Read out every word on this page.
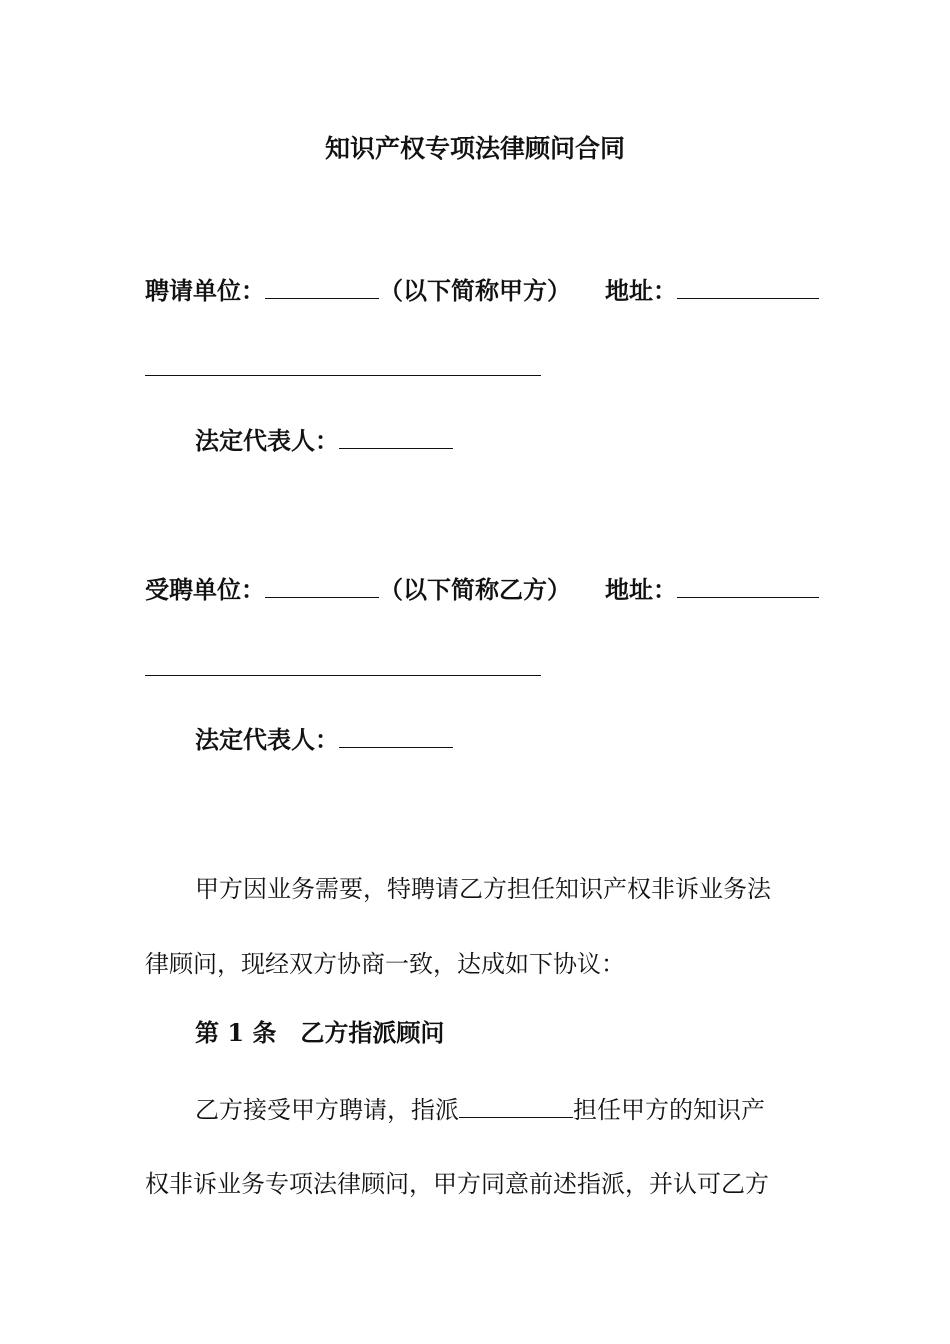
知识产权专项法律顾问合同
聘请单位：	（以下简称甲方） 地址：
法定代表人：
受聘单位：	（以下简称乙方） 地址：
法定代表人：
甲方因业务需要，特聘请乙方担任知识产权非诉业务法
律顾问，现经双方协商一致，达成如下协议：
第 1 条 乙方指派顾问
乙方接受甲方聘请，指派	担任甲方的知识产
权非诉业务专项法律顾问，甲方同意前述指派，并认可乙方
